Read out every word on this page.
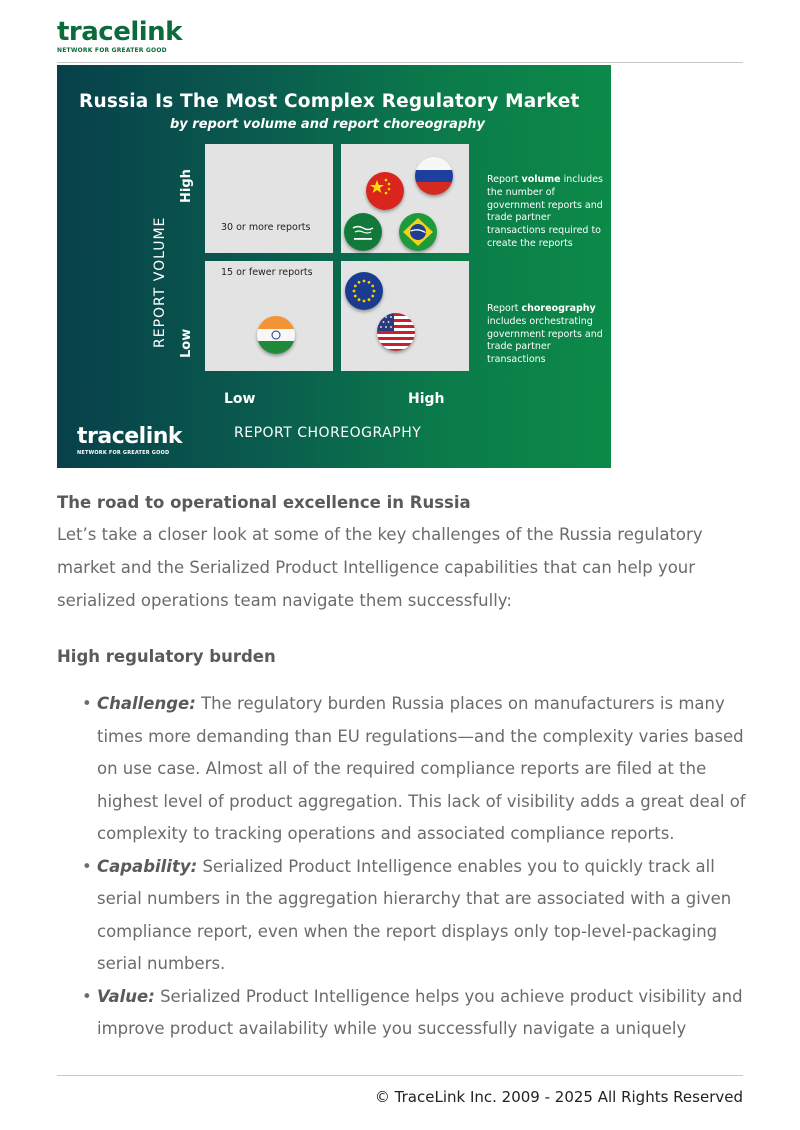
tracelink
NETWORK FOR GREATER GOOD
Russia Is The Most Complex Regulatory Market
by report volume and report choreography
REPORT VOLUME
High
Low
30 or more reports
15 or fewer reports
Report volume includes the number of government reports and trade partner transactions required to create the reports
Report choreography includes orchestrating government reports and trade partner transactions
Low	High
REPORT CHOREOGRAPHY
tracelink
NETWORK FOR GREATER GOOD
The road to operational excellence in Russia
Let’s take a closer look at some of the key challenges of the Russia regulatory market and the Serialized Product Intelligence capabilities that can help your serialized operations team navigate them successfully:
High regulatory burden
• Challenge: The regulatory burden Russia places on manufacturers is many times more demanding than EU regulations—and the complexity varies based on use case. Almost all of the required compliance reports are filed at the highest level of product aggregation. This lack of visibility adds a great deal of complexity to tracking operations and associated compliance reports.
• Capability: Serialized Product Intelligence enables you to quickly track all serial numbers in the aggregation hierarchy that are associated with a given compliance report, even when the report displays only top-level-packaging serial numbers.
• Value: Serialized Product Intelligence helps you achieve product visibility and improve product availability while you successfully navigate a uniquely
© TraceLink Inc. 2009 - 2025 All Rights Reserved
